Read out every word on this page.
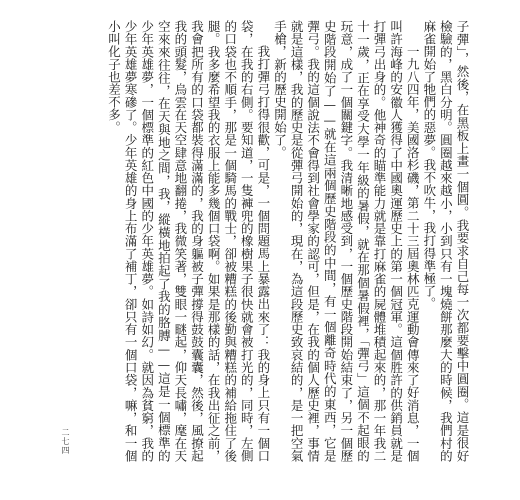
子彈」，然後，在黑板上畫一個圓。我要求自己每一次都要擊中圓圈。這是很好檢驗的，黑白分明。圓圈越來越小，小到只有一塊燒餅那麼大的時候，我們村的麻雀開始了牠們的惡夢。我不吹牛，我打得準極了。

一九八四年，美國洛杉磯，第二十三屆奧林匹克運動會傳來了好消息，一個叫許海峰的安徽人獲得了中國奧運歷史上的第一個冠軍。這個胜許的供銷員就是打彈弓出身的。他神奇的瞄準能力就是靠打麻雀的屍體堆積起來的，那一年我二十一歲，正在享受大學一年級的暑假，就在那個暑假裡，「彈弓」這個不起眼的玩意，成了一個關鍵字。我清晰地感受到，一個歷史階段開始結束了，另一個歷史階段開始了——就在這兩個歷史階段的中間，有一個離奇時代的東西，它是彈弓。我的這個說法不會得到社會學家的認可，但是，在我的個人歷史裡，事情就是這樣，我的歷史是從彈弓開始的，現在，為這段歷史致哀結的，是一把空氣手槍，新的歷史開始了。

我打彈弓打得很歡，可是，一個問題馬上暴露出來了：我的身上只有一個口袋，在我的右側。要知道，一隻褲兜的橡樹果子很快就會被打光的，同時，左側的口袋也不順手，那是一個騎馬的戰士，卻被糟糕的後勤與糟糕的補給拖住了後腿。我多麼希望我的衣服上能多幾個口袋啊。如果是那樣的話，在我出征之前，我會把所有的口袋都裝得滿滿的，我的身軀被子彈撐得鼓鼓囊囊，然後，風撩起我的頭髮，烏雲在天空肆意地翻捲，我微笑著，雙眼一瞇起，仰天長嘯，麾在天空來來往往，在天與地之間，我，縱橫地拍起了我的胳膊——這是一個標準的少年英雄夢，一個標準的紅色中國的少年英雄夢。如詩如幻。就因為貧窮，我的少年英雄夢寒磣了。少年英雄的身上布滿了補丁，卻只有一個口袋，嘛，和一個小叫化子也差不多。

二七四
